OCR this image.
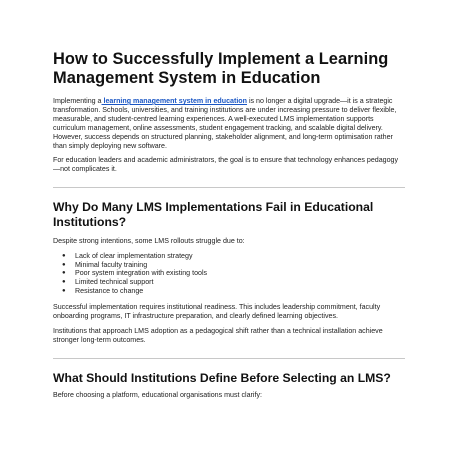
How to Successfully Implement a Learning Management System in Education

Implementing a learning management system in education is no longer a digital upgrade—it is a strategic transformation. Schools, universities, and training institutions are under increasing pressure to deliver flexible, measurable, and student-centred learning experiences. A well-executed LMS implementation supports curriculum management, online assessments, student engagement tracking, and scalable digital delivery. However, success depends on structured planning, stakeholder alignment, and long-term optimisation rather than simply deploying new software.

For education leaders and academic administrators, the goal is to ensure that technology enhances pedagogy—not complicates it.

Why Do Many LMS Implementations Fail in Educational Institutions?

Despite strong intentions, some LMS rollouts struggle due to:

● Lack of clear implementation strategy
● Minimal faculty training
● Poor system integration with existing tools
● Limited technical support
● Resistance to change

Successful implementation requires institutional readiness. This includes leadership commitment, faculty onboarding programs, IT infrastructure preparation, and clearly defined learning objectives.

Institutions that approach LMS adoption as a pedagogical shift rather than a technical installation achieve stronger long-term outcomes.

What Should Institutions Define Before Selecting an LMS?

Before choosing a platform, educational organisations must clarify:
